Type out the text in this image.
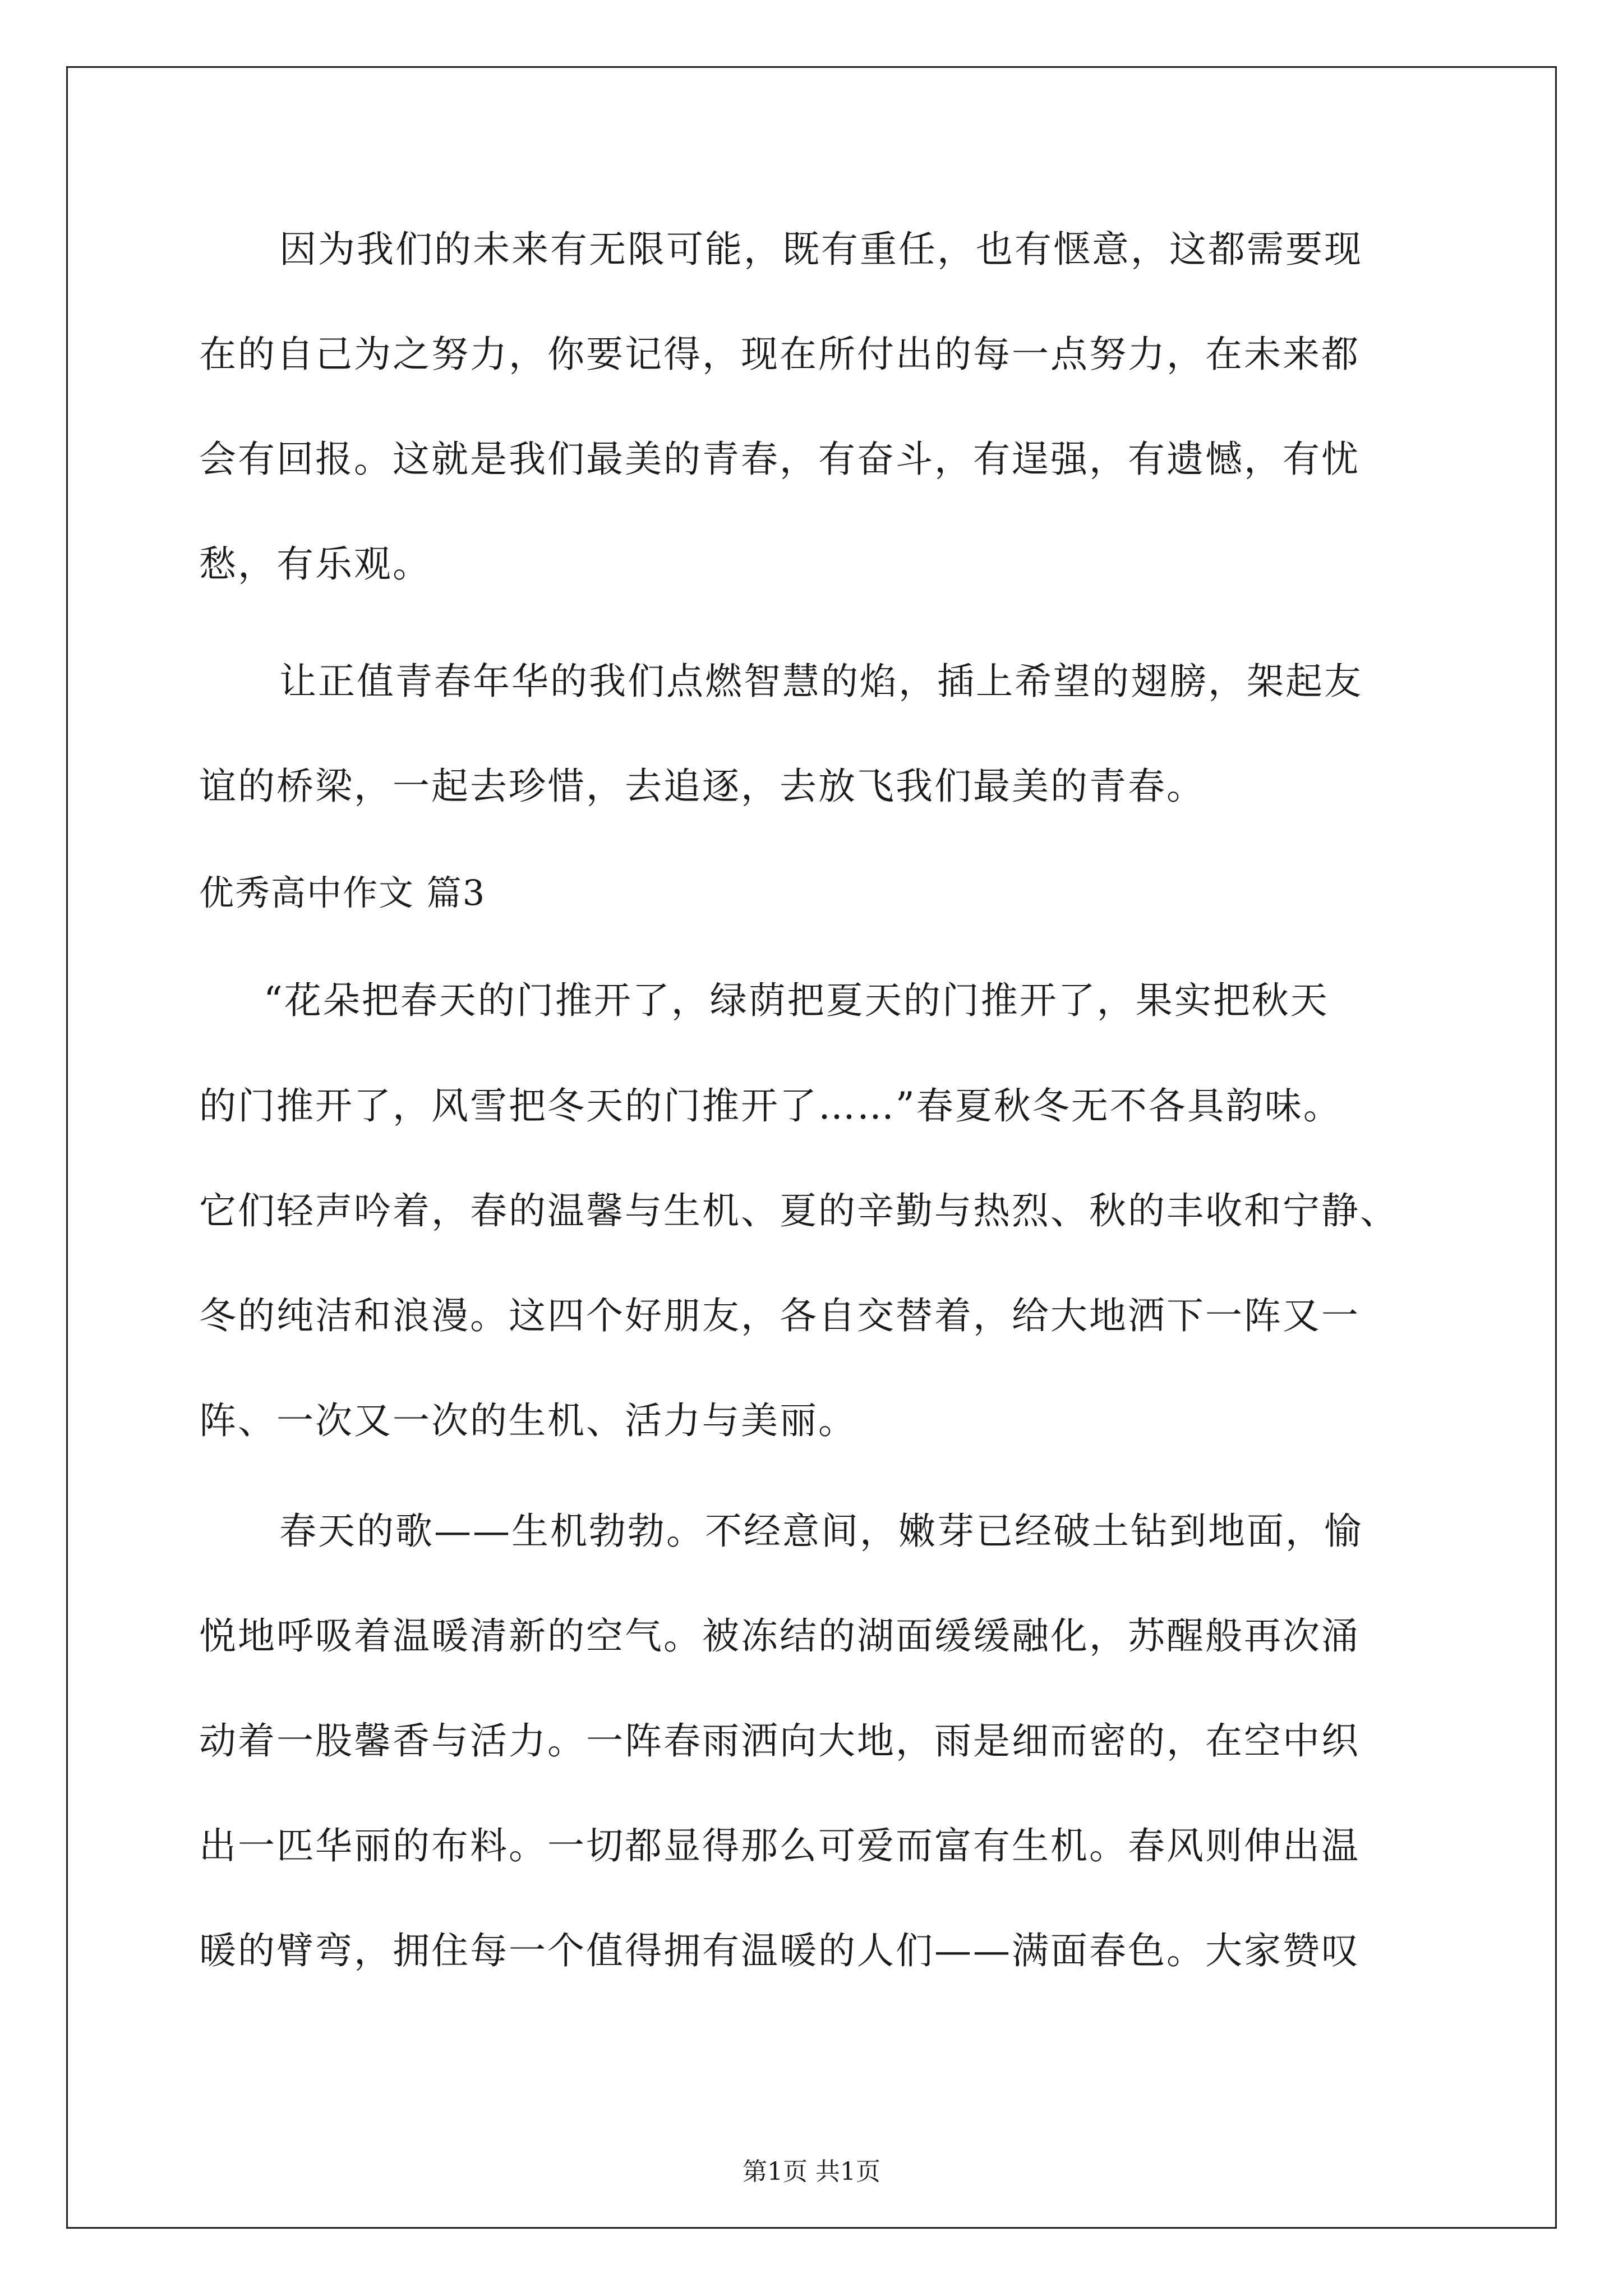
因为我们的未来有无限可能，既有重任，也有惬意，这都需要现
在的自己为之努力，你要记得，现在所付出的每一点努力，在未来都
会有回报。这就是我们最美的青春，有奋斗，有逞强，有遗憾，有忧
愁，有乐观。
让正值青春年华的我们点燃智慧的焰，插上希望的翅膀，架起友
谊的桥梁，一起去珍惜，去追逐，去放飞我们最美的青春。
优秀高中作文 篇3
“花朵把春天的门推开了，绿荫把夏天的门推开了，果实把秋天
的门推开了，风雪把冬天的门推开了……”春夏秋冬无不各具韵味。
它们轻声吟着，春的温馨与生机、夏的辛勤与热烈、秋的丰收和宁静、
冬的纯洁和浪漫。这四个好朋友，各自交替着，给大地洒下一阵又一
阵、一次又一次的生机、活力与美丽。
春天的歌——生机勃勃。不经意间，嫩芽已经破土钻到地面，愉
悦地呼吸着温暖清新的空气。被冻结的湖面缓缓融化，苏醒般再次涌
动着一股馨香与活力。一阵春雨洒向大地，雨是细而密的，在空中织
出一匹华丽的布料。一切都显得那么可爱而富有生机。春风则伸出温
暖的臂弯，拥住每一个值得拥有温暖的人们——满面春色。大家赞叹
第1页 共1页
